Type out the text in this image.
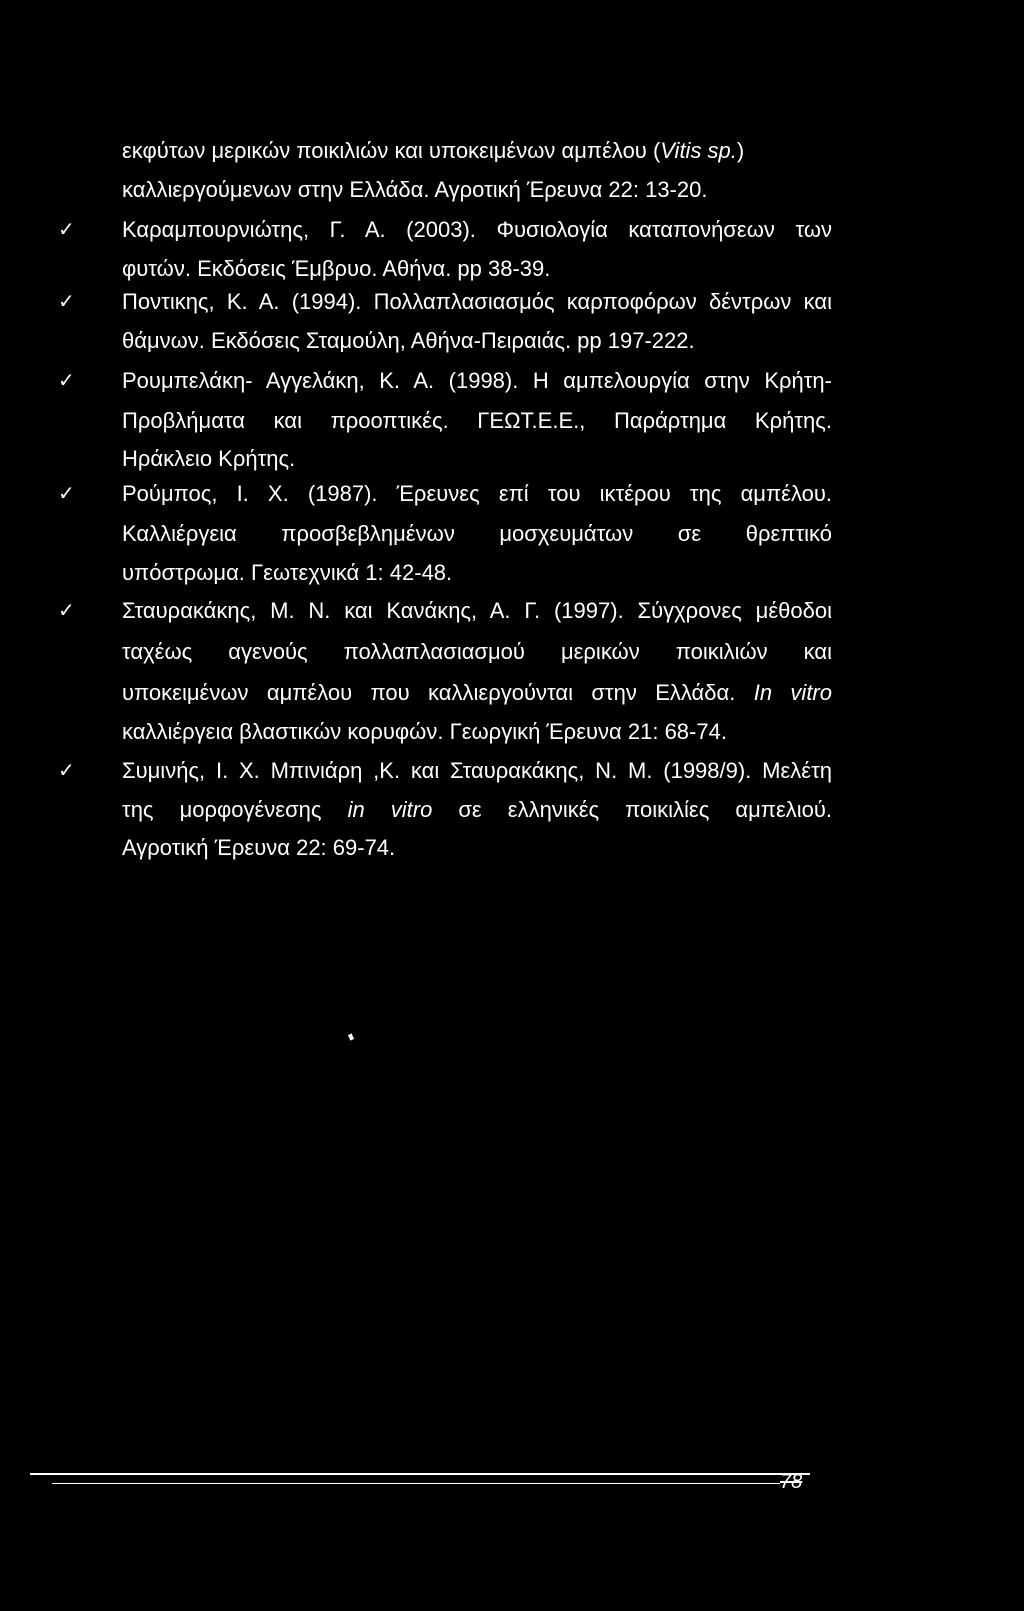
εκφύτων μερικών ποικιλιών και υποκειμένων αμπέλου (Vitis sp.)
καλλιεργούμενων στην Ελλάδα. Αγροτική Έρευνα 22: 13-20.
✓ Καραμπουρνιώτης, Γ. Α. (2003). Φυσιολογία καταπονήσεων των
φυτών. Εκδόσεις Έμβρυο. Αθήνα. pp 38-39.
✓ Ποντικης, Κ. Α. (1994). Πολλαπλασιασμός καρποφόρων δέντρων και
θάμνων. Εκδόσεις Σταμούλη, Αθήνα-Πειραιάς. pp 197-222.
✓ Ρουμπελάκη- Αγγελάκη, Κ. Α. (1998). Η αμπελουργία στην Κρήτη-
Προβλήματα και προοπτικές. ΓΕΩΤ.Ε.Ε., Παράρτημα Κρήτης.
Ηράκλειο Κρήτης.
✓ Ρούμπος, Ι. Χ. (1987). Έρευνες επί του ικτέρου της αμπέλου.
Καλλιέργεια προσβεβλημένων μοσχευμάτων σε θρεπτικό
υπόστρωμα. Γεωτεχνικά 1: 42-48.
✓ Σταυρακάκης, Μ. Ν. και Κανάκης, Α. Γ. (1997). Σύγχρονες μέθοδοι
ταχέως αγενούς πολλαπλασιασμού μερικών ποικιλιών και
υποκειμένων αμπέλου που καλλιεργούνται στην Ελλάδα. In vitro
καλλιέργεια βλαστικών κορυφών. Γεωργική Έρευνα 21: 68-74.
✓ Συμινής, Ι. Χ. Μπινιάρη ,Κ. και Σταυρακάκης, Ν. Μ. (1998/9). Μελέτη
της μορφογένεσης in vitro σε ελληνικές ποικιλίες αμπελιού.
Αγροτική Έρευνα 22: 69-74.
78
